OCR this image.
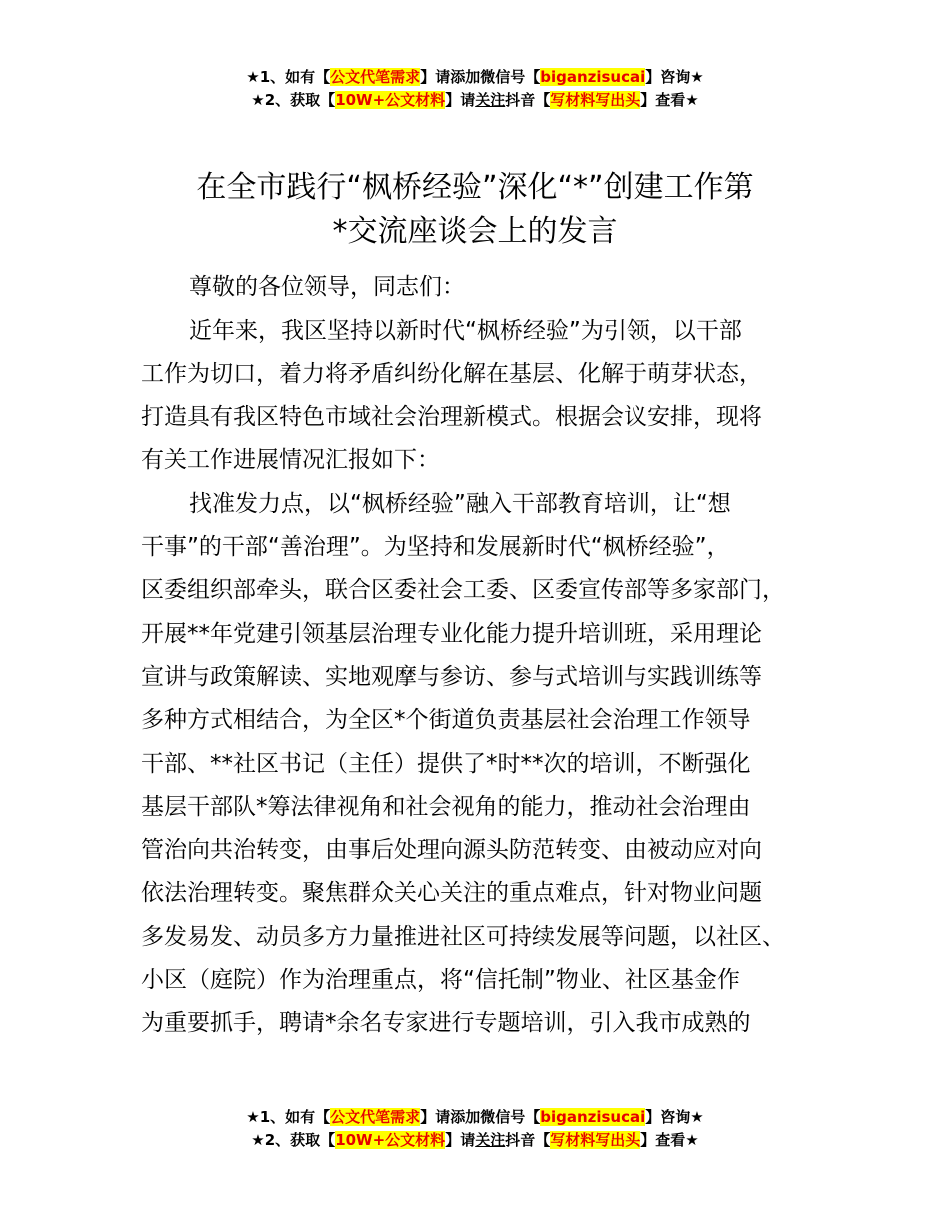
★1、如有【公文代笔需求】请添加微信号【biganzisucai】咨询★
★2、获取【10W+公文材料】请关注抖音【写材料写出头】查看★
在全市践行“枫桥经验”深化“*”创建工作第
*交流座谈会上的发言
尊敬的各位领导，同志们：
近年来，我区坚持以新时代“枫桥经验”为引领，以干部
工作为切口，着力将矛盾纠纷化解在基层、化解于萌芽状态，
打造具有我区特色市域社会治理新模式。根据会议安排，现将
有关工作进展情况汇报如下：
找准发力点，以“枫桥经验”融入干部教育培训，让“想
干事”的干部“善治理”。为坚持和发展新时代“枫桥经验”，
区委组织部牵头，联合区委社会工委、区委宣传部等多家部门，
开展**年党建引领基层治理专业化能力提升培训班，采用理论
宣讲与政策解读、实地观摩与参访、参与式培训与实践训练等
多种方式相结合，为全区*个街道负责基层社会治理工作领导
干部、**社区书记（主任）提供了*时**次的培训，不断强化
基层干部队*筹法律视角和社会视角的能力，推动社会治理由
管治向共治转变，由事后处理向源头防范转变、由被动应对向
依法治理转变。聚焦群众关心关注的重点难点，针对物业问题
多发易发、动员多方力量推进社区可持续发展等问题，以社区、
小区（庭院）作为治理重点，将“信托制”物业、社区基金作
为重要抓手，聘请*余名专家进行专题培训，引入我市成熟的
★1、如有【公文代笔需求】请添加微信号【biganzisucai】咨询★
★2、获取【10W+公文材料】请关注抖音【写材料写出头】查看★
